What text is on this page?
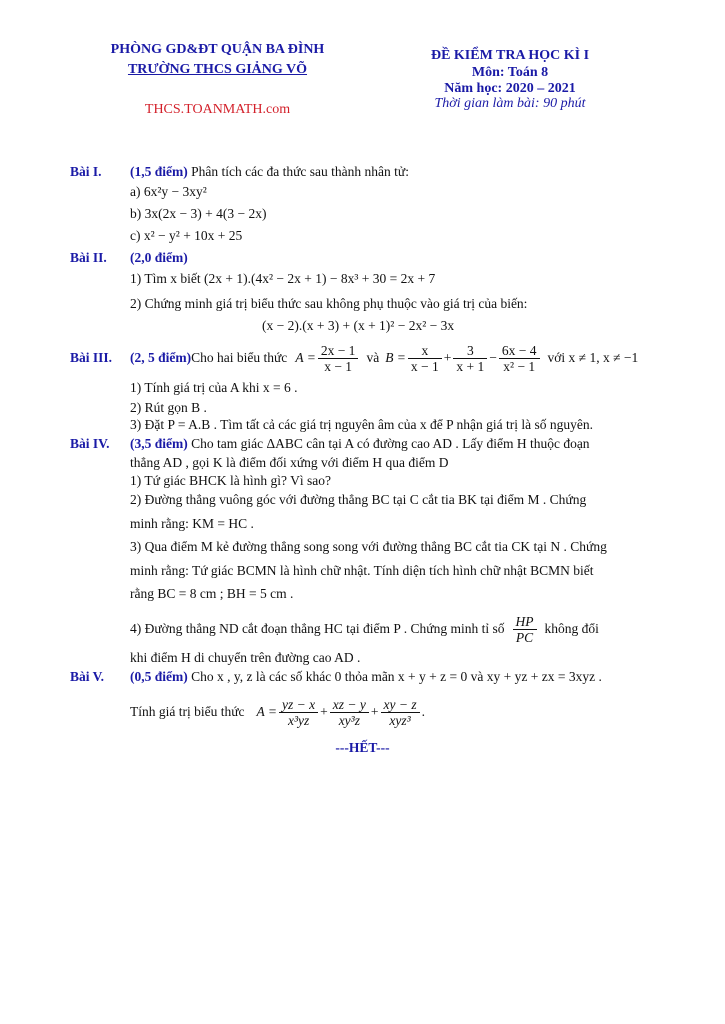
PHÒNG GD&ĐT QUẬN BA ĐÌNH
TRƯỜNG THCS GIẢNG VÕ
THCS.TOANMATH.com
ĐỀ KIỂM TRA HỌC KÌ I
Môn: Toán 8
Năm học: 2020 – 2021
Thời gian làm bài: 90 phút
Bài I. (1,5 điểm) Phân tích các đa thức sau thành nhân tử:
a) 6x²y − 3xy²
b) 3x(2x − 3) + 4(3 − 2x)
c) x² − y² + 10x + 25
Bài II. (2,0 điểm)
1) Tìm x biết (2x + 1).(4x² − 2x + 1) − 8x³ + 30 = 2x + 7
2) Chứng minh giá trị biểu thức sau không phụ thuộc vào giá trị của biến:
(x − 2).(x + 3) + (x + 1)² − 2x² − 3x
Bài III. (2, 5 điểm) Cho hai biểu thức $A = \frac{2x - 1}{x - 1}$ và $B = \frac{x}{x - 1} + \frac{3}{x + 1} - \frac{6x - 4}{\text{x² − 1}}$ với x ≠ 1, x ≠ −1
1) Tính giá trị của A khi x = 6 .
2) Rút gọn B .
3) Đặt P = A.B . Tìm tất cả các giá trị nguyên âm của x để P nhận giá trị là số nguyên.
Bài IV. (3,5 điểm) Cho tam giác ΔABC cân tại A có đường cao AD . Lấy điểm H thuộc đoạn
thẳng AD , gọi K là điểm đối xứng với điểm H qua điểm D
1) Tứ giác BHCK là hình gì? Vì sao?
2) Đường thẳng vuông góc với đường thẳng BC tại C cắt tia BK tại điểm M . Chứng
minh rằng: KM = HC .
3) Qua điểm M kẻ đường thẳng song song với đường thẳng BC cắt tia CK tại N . Chứng
minh rằng: Tứ giác BCMN là hình chữ nhật. Tính diện tích hình chữ nhật BCMN biết
rằng BC = 8 cm ; BH = 5 cm .
4) Đường thẳng ND cắt đoạn thẳng HC tại điểm P . Chứng minh tỉ số $\frac{HP}{PC}$ không đổi
khi điểm H di chuyển trên đường cao AD .
Bài V. (0,5 điểm) Cho x , y, z là các số khác 0 thỏa mãn x + y + z = 0 và xy + yz + zx = 3xyz .
Tính giá trị biểu thức $A = \frac{yz - x}{\text{x³yz}} + \frac{xz - y}{\text{xy³z}} + \frac{xy - z}{\text{xyz³}}$ .
---HẾT---
